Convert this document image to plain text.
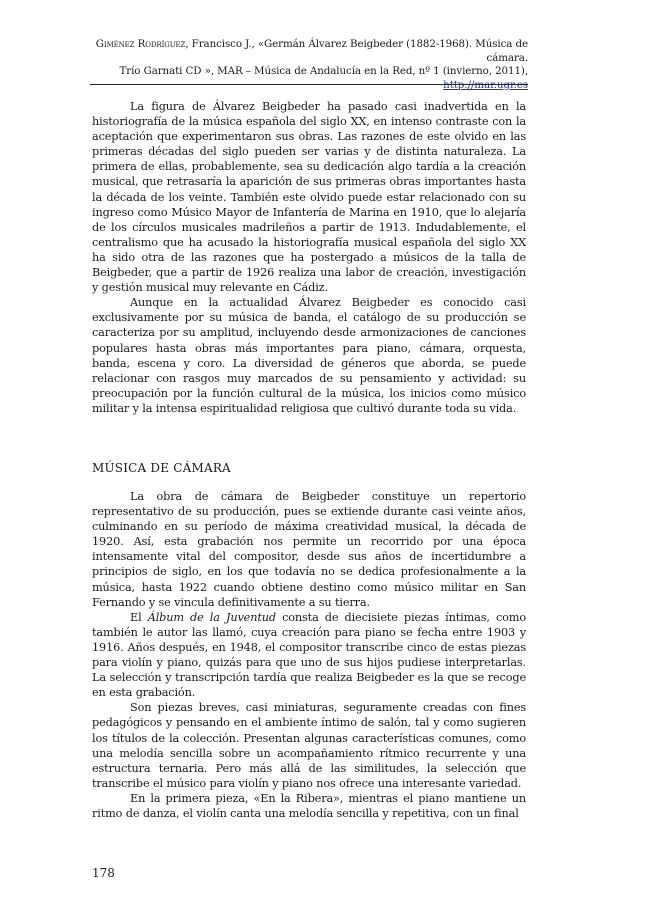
Giménez Rodríguez, Francisco J., «Germán Álvarez Beigbeder (1882-1968). Música de cámara.
Trío Garnati CD », MAR – Música de Andalucía en la Red, nº 1 (invierno, 2011),
http://mar.ugr.es

La figura de Álvarez Beigbeder ha pasado casi inadvertida en la historiografía de la música española del siglo XX, en intenso contraste con la aceptación que experimentaron sus obras. Las razones de este olvido en las primeras décadas del siglo pueden ser varias y de distinta naturaleza. La primera de ellas, probablemente, sea su dedicación algo tardía a la creación musical, que retrasaría la aparición de sus primeras obras importantes hasta la década de los veinte. También este olvido puede estar relacionado con su ingreso como Músico Mayor de Infantería de Marina en 1910, que lo alejaría de los círculos musicales madrileños a partir de 1913. Indudablemente, el centralismo que ha acusado la historiografía musical española del siglo XX ha sido otra de las razones que ha postergado a músicos de la talla de Beigbeder, que a partir de 1926 realiza una labor de creación, investigación y gestión musical muy relevante en Cádiz.

Aunque en la actualidad Álvarez Beigbeder es conocido casi exclusivamente por su música de banda, el catálogo de su producción se caracteriza por su amplitud, incluyendo desde armonizaciones de canciones populares hasta obras más importantes para piano, cámara, orquesta, banda, escena y coro. La diversidad de géneros que aborda, se puede relacionar con rasgos muy marcados de su pensamiento y actividad: su preocupación por la función cultural de la música, los inicios como músico militar y la intensa espiritualidad religiosa que cultivó durante toda su vida.

MÚSICA DE CÁMARA

La obra de cámara de Beigbeder constituye un repertorio representativo de su producción, pues se extiende durante casi veinte años, culminando en su período de máxima creatividad musical, la década de 1920. Así, esta grabación nos permite un recorrido por una época intensamente vital del compositor, desde sus años de incertidumbre a principios de siglo, en los que todavía no se dedica profesionalmente a la música, hasta 1922 cuando obtiene destino como músico militar en San Fernando y se vincula definitivamente a su tierra.

El Álbum de la Juventud consta de diecisiete piezas íntimas, como también le autor las llamó, cuya creación para piano se fecha entre 1903 y 1916. Años después, en 1948, el compositor transcribe cinco de estas piezas para violín y piano, quizás para que uno de sus hijos pudiese interpretarlas. La selección y transcripción tardía que realiza Beigbeder es la que se recoge en esta grabación.

Son piezas breves, casi miniaturas, seguramente creadas con fines pedagógicos y pensando en el ambiente íntimo de salón, tal y como sugieren los títulos de la colección. Presentan algunas características comunes, como una melodía sencilla sobre un acompañamiento rítmico recurrente y una estructura ternaria. Pero más allá de las similitudes, la selección que transcribe el músico para violín y piano nos ofrece una interesante variedad.

En la primera pieza, «En la Ribera», mientras el piano mantiene un ritmo de danza, el violín canta una melodía sencilla y repetitiva, con un final

178
